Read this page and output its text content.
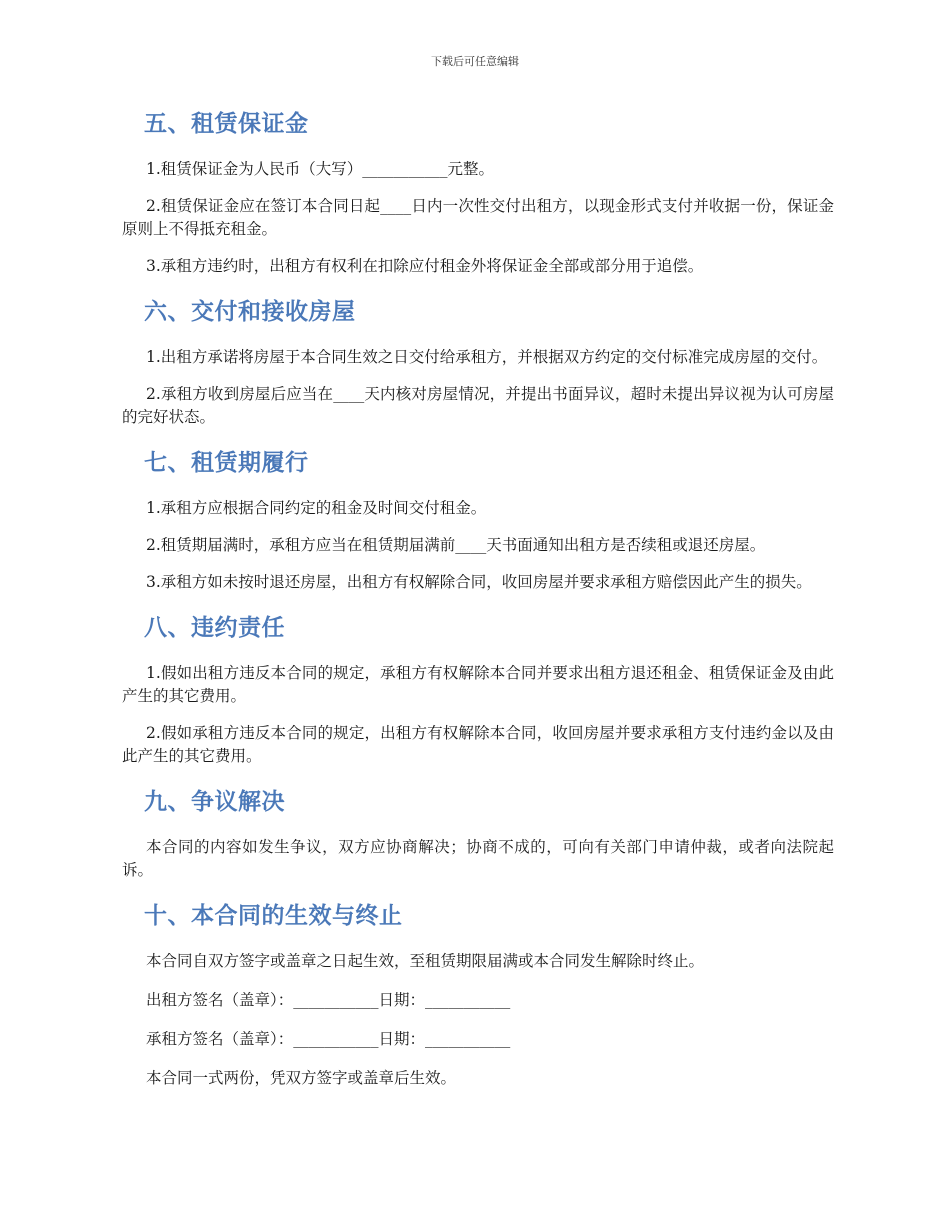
下载后可任意编辑
五、租赁保证金

1.租赁保证金为人民币（大写）___________元整。

2.租赁保证金应在签订本合同日起____日内一次性交付出租方，以现金形式支付并收据一份，保证金原则上不得抵充租金。

3.承租方违约时，出租方有权利在扣除应付租金外将保证金全部或部分用于追偿。

六、交付和接收房屋

1.出租方承诺将房屋于本合同生效之日交付给承租方，并根据双方约定的交付标准完成房屋的交付。

2.承租方收到房屋后应当在____天内核对房屋情况，并提出书面异议，超时未提出异议视为认可房屋的完好状态。

七、租赁期履行

1.承租方应根据合同约定的租金及时间交付租金。

2.租赁期届满时，承租方应当在租赁期届满前____天书面通知出租方是否续租或退还房屋。

3.承租方如未按时退还房屋，出租方有权解除合同，收回房屋并要求承租方赔偿因此产生的损失。

八、违约责任

1.假如出租方违反本合同的规定，承租方有权解除本合同并要求出租方退还租金、租赁保证金及由此产生的其它费用。

2.假如承租方违反本合同的规定，出租方有权解除本合同，收回房屋并要求承租方支付违约金以及由此产生的其它费用。

九、争议解决

本合同的内容如发生争议，双方应协商解决；协商不成的，可向有关部门申请仲裁，或者向法院起诉。

十、本合同的生效与终止

本合同自双方签字或盖章之日起生效，至租赁期限届满或本合同发生解除时终止。

出租方签名（盖章）：___________日期：___________

承租方签名（盖章）：___________日期：___________

本合同一式两份，凭双方签字或盖章后生效。
